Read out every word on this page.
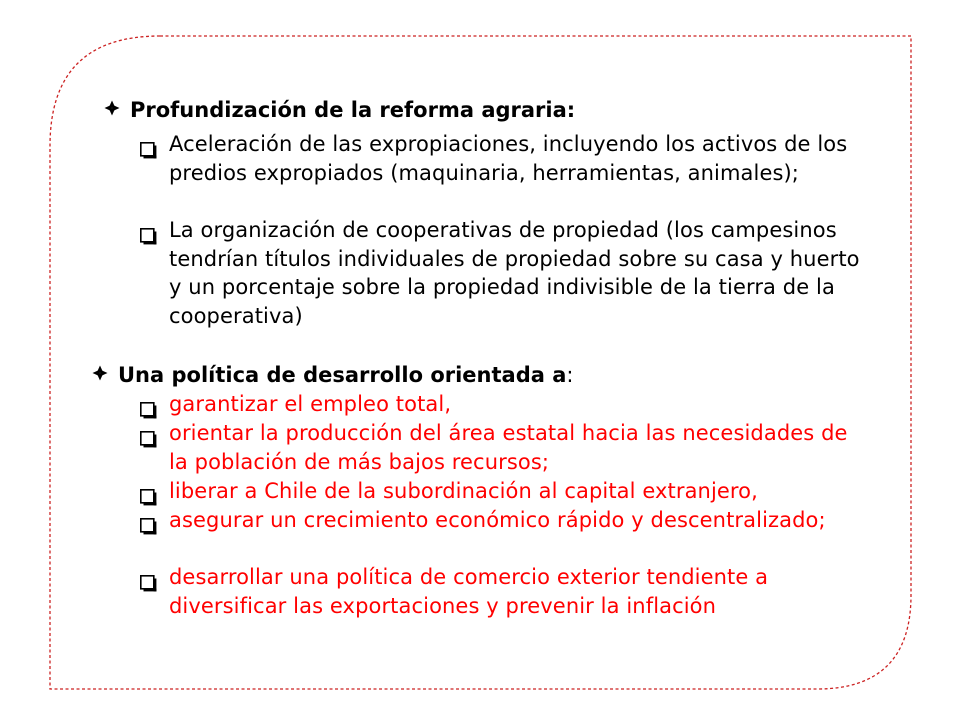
Profundización de la reforma agraria:
Aceleración de las expropiaciones, incluyendo los activos de los predios expropiados (maquinaria, herramientas, animales);
La organización de cooperativas de propiedad (los campesinos tendrían títulos individuales de propiedad sobre su casa y huerto y un porcentaje sobre la propiedad indivisible de la tierra de la cooperativa)
Una política de desarrollo orientada a:
garantizar el empleo total,
orientar la producción del área estatal hacia las necesidades de la población de más bajos recursos;
liberar a Chile de la subordinación al capital extranjero,
asegurar un crecimiento económico rápido y descentralizado;
desarrollar una política de comercio exterior tendiente a diversificar las exportaciones y prevenir la inflación
